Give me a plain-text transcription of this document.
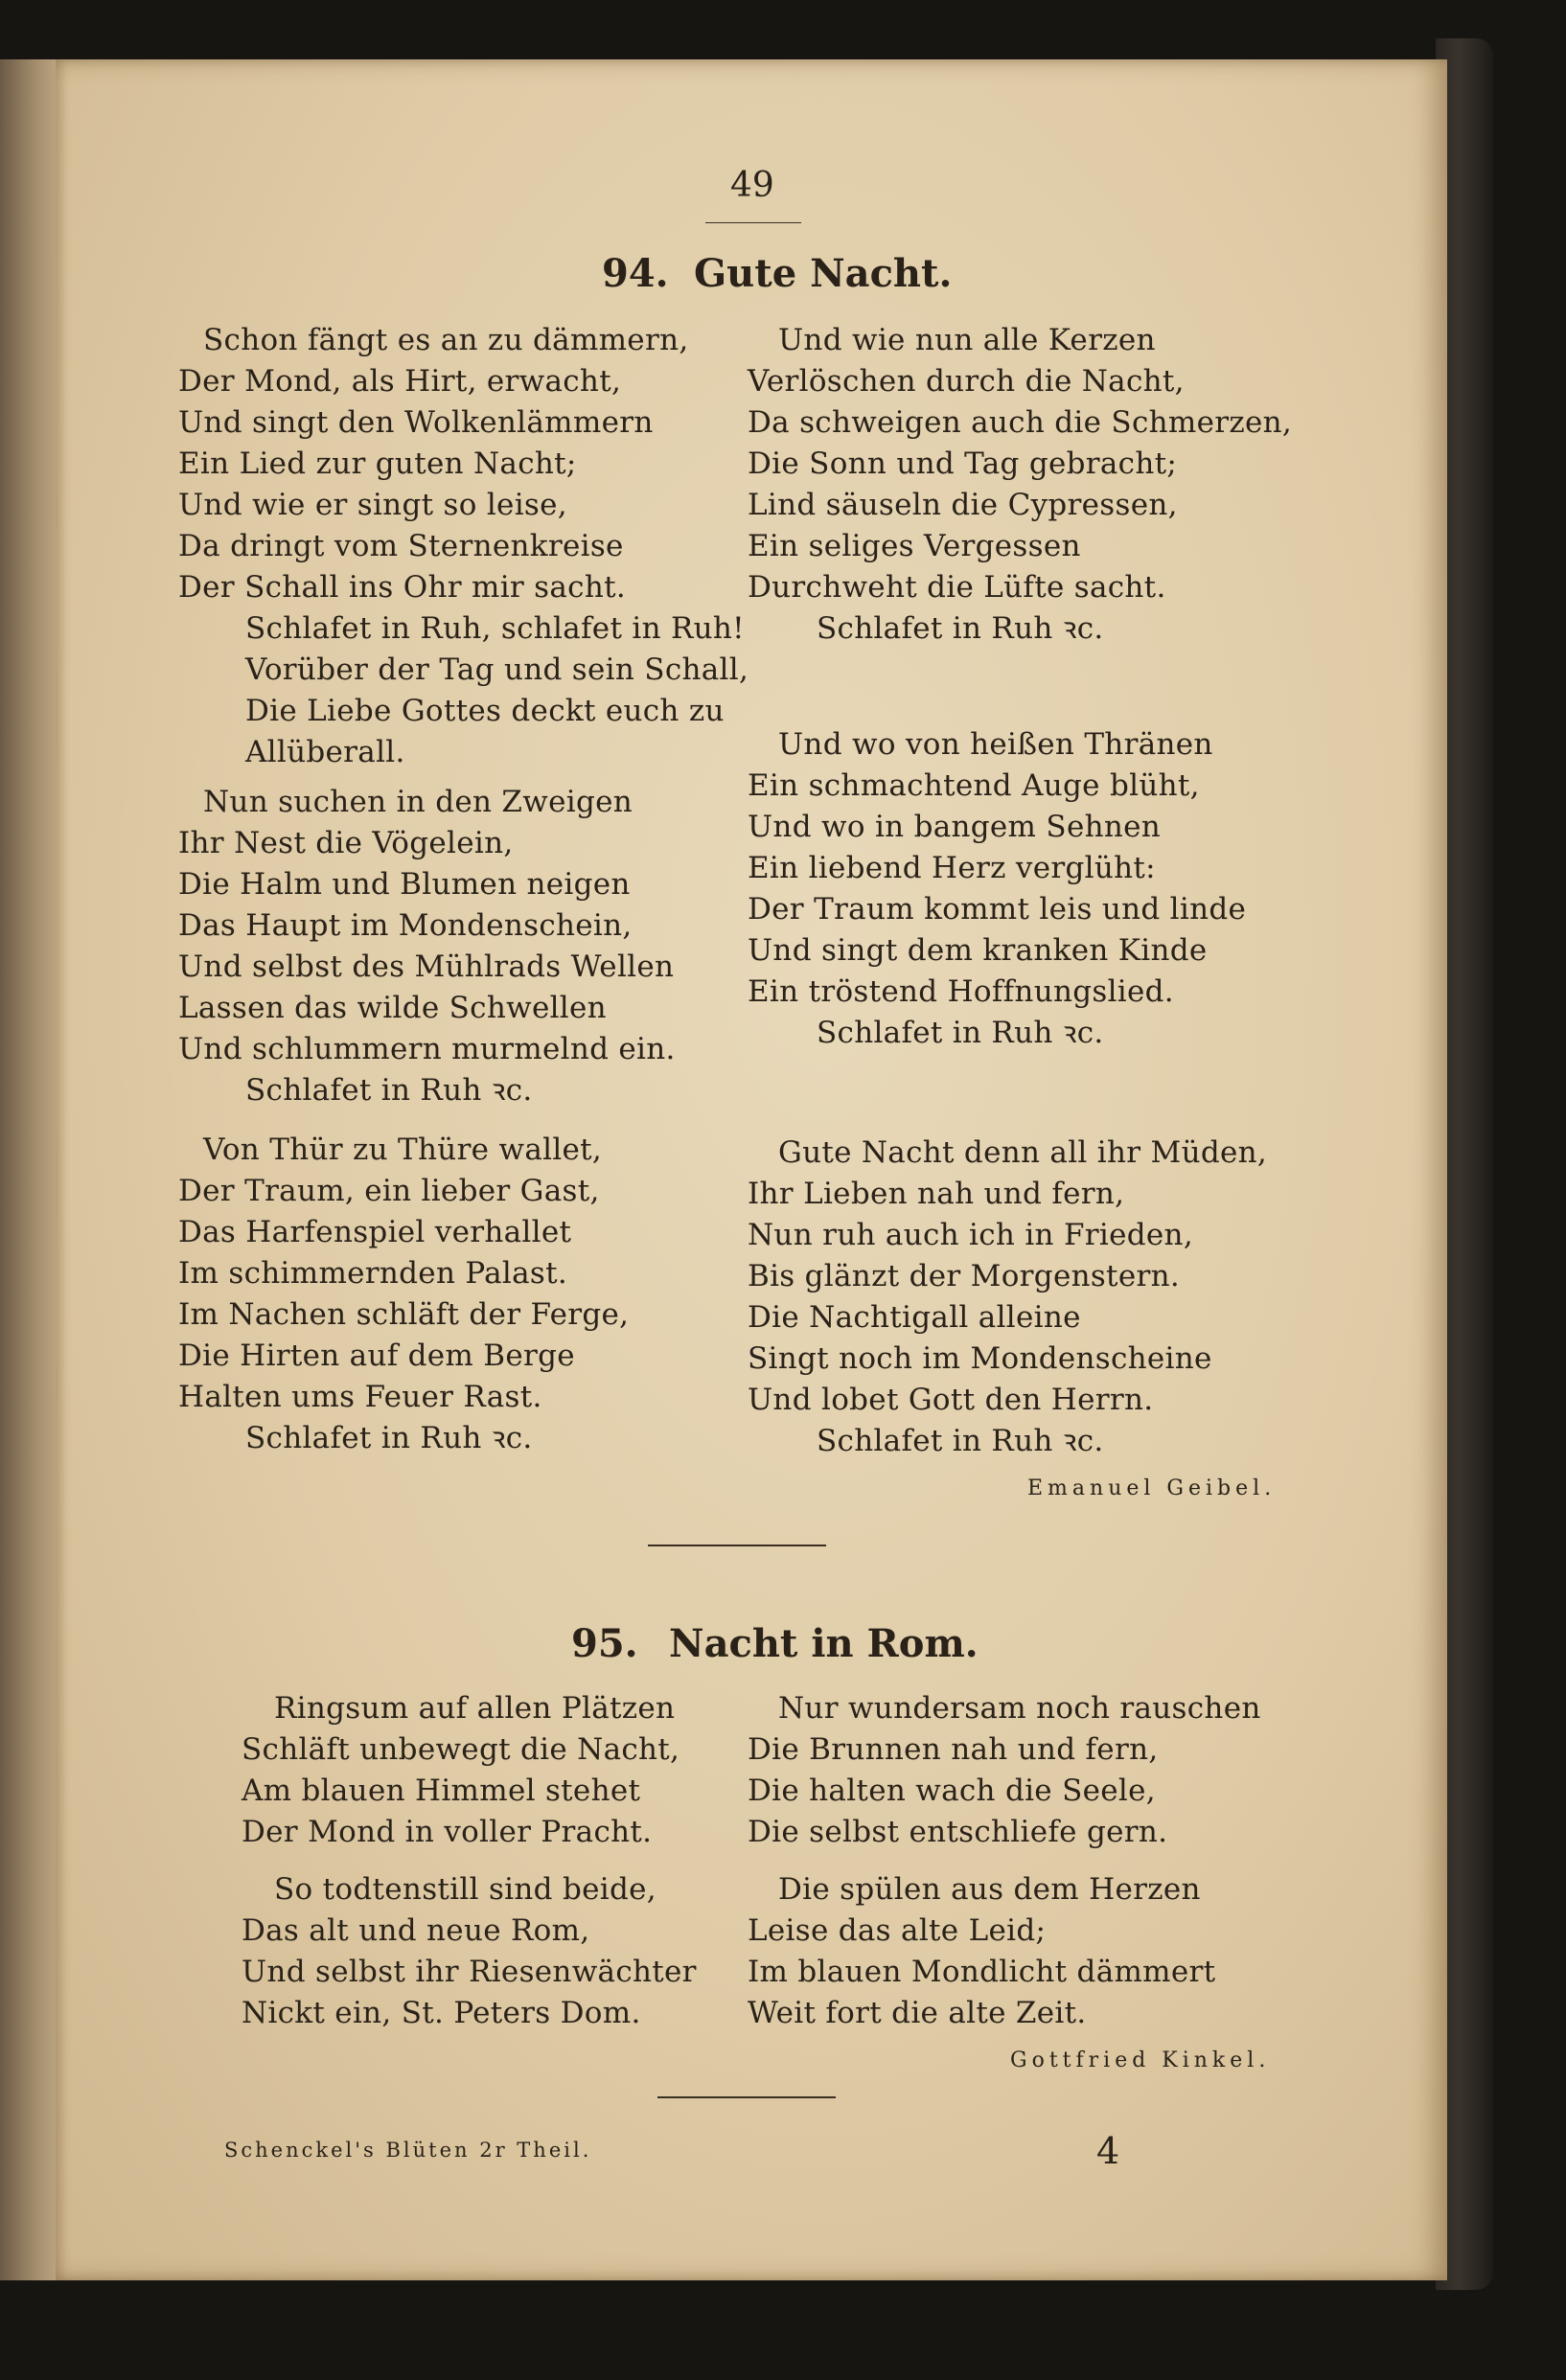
49
94. Gute Nacht.
Schon fängt es an zu dämmern,
Der Mond, als Hirt, erwacht,
Und singt den Wolkenlämmern
Ein Lied zur guten Nacht;
Und wie er singt so leise,
Da dringt vom Sternenkreise
Der Schall ins Ohr mir sacht.
Schlafet in Ruh, schlafet in Ruh!
Vorüber der Tag und sein Schall,
Die Liebe Gottes deckt euch zu
Allüberall.
Nun suchen in den Zweigen
Ihr Nest die Vögelein,
Die Halm und Blumen neigen
Das Haupt im Mondenschein,
Und selbst des Mühlrads Wellen
Lassen das wilde Schwellen
Und schlummern murmelnd ein.
Schlafet in Ruh ꝛc.
Von Thür zu Thüre wallet,
Der Traum, ein lieber Gast,
Das Harfenspiel verhallet
Im schimmernden Palast.
Im Nachen schläft der Ferge,
Die Hirten auf dem Berge
Halten ums Feuer Rast.
Schlafet in Ruh ꝛc.
Und wie nun alle Kerzen
Verlöschen durch die Nacht,
Da schweigen auch die Schmerzen,
Die Sonn und Tag gebracht;
Lind säuseln die Cypressen,
Ein seliges Vergessen
Durchweht die Lüfte sacht.
Schlafet in Ruh ꝛc.
Und wo von heißen Thränen
Ein schmachtend Auge blüht,
Und wo in bangem Sehnen
Ein liebend Herz verglüht:
Der Traum kommt leis und linde
Und singt dem kranken Kinde
Ein tröstend Hoffnungslied.
Schlafet in Ruh ꝛc.
Gute Nacht denn all ihr Müden,
Ihr Lieben nah und fern,
Nun ruh auch ich in Frieden,
Bis glänzt der Morgenstern.
Die Nachtigall alleine
Singt noch im Mondenscheine
Und lobet Gott den Herrn.
Schlafet in Ruh ꝛc.
Emanuel Geibel.
95. Nacht in Rom.
Ringsum auf allen Plätzen
Schläft unbewegt die Nacht,
Am blauen Himmel stehet
Der Mond in voller Pracht.
So todtenstill sind beide,
Das alt und neue Rom,
Und selbst ihr Riesenwächter
Nickt ein, St. Peters Dom.
Nur wundersam noch rauschen
Die Brunnen nah und fern,
Die halten wach die Seele,
Die selbst entschliefe gern.
Die spülen aus dem Herzen
Leise das alte Leid;
Im blauen Mondlicht dämmert
Weit fort die alte Zeit.
Gottfried Kinkel.
Schenckel's Blüten 2r Theil.	4
